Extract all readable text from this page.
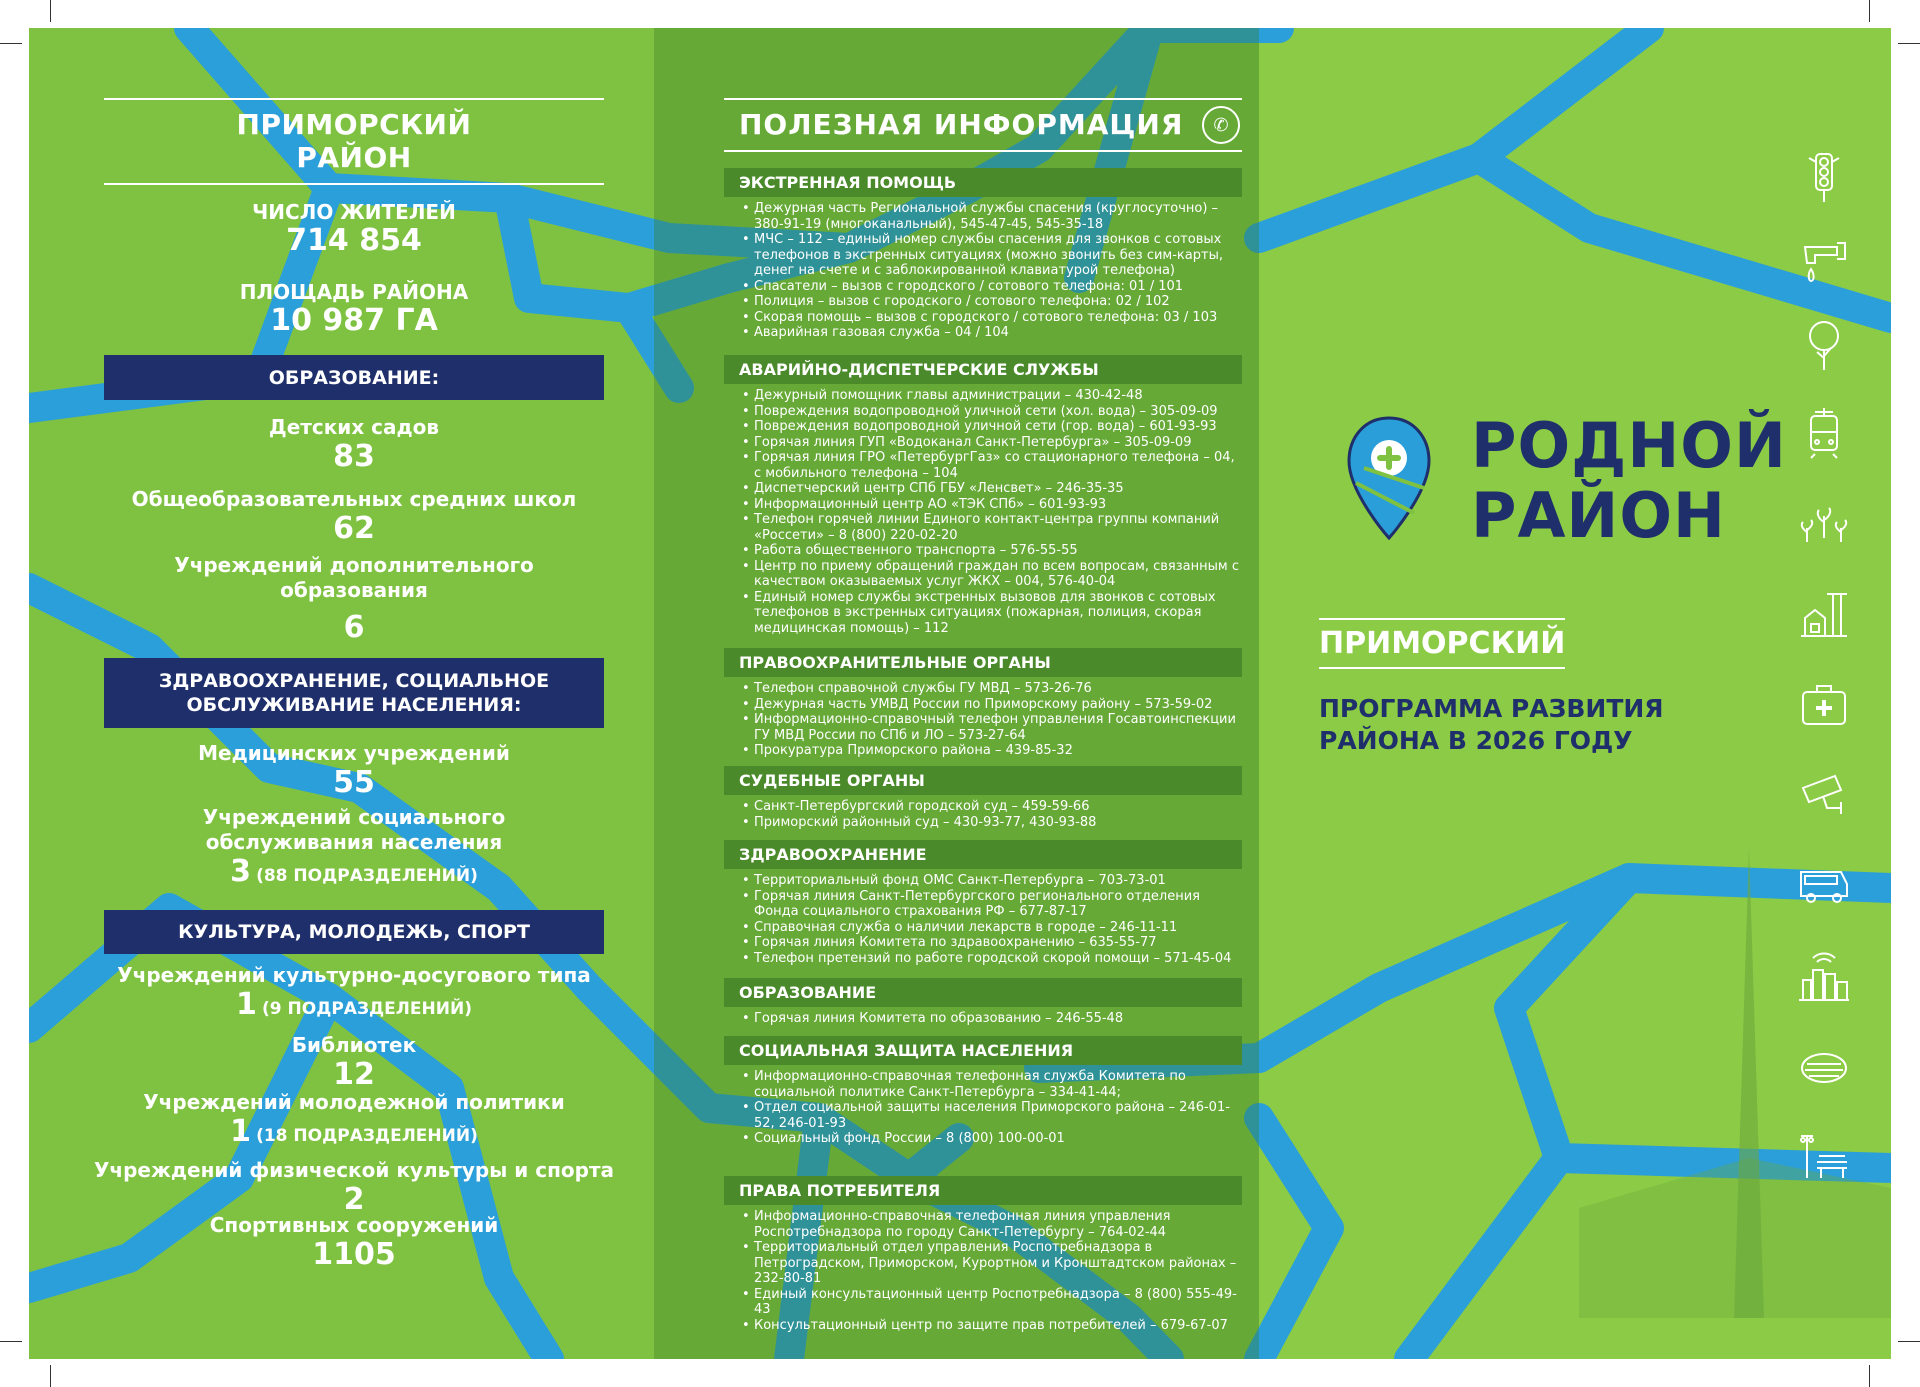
ПРИМОРСКИЙ
РАЙОН
ЧИСЛО ЖИТЕЛЕЙ
714 854
ПЛОЩАДЬ РАЙОНА
10 987 ГА
ОБРАЗОВАНИЕ:
Детских садов
83
Общеобразовательных средних школ
62
Учреждений дополнительного образования
6
ЗДРАВООХРАНЕНИЕ, СОЦИАЛЬНОЕ ОБСЛУЖИВАНИЕ НАСЕЛЕНИЯ:
Медицинских учреждений
55
Учреждений социального обслуживания населения
3 (88 ПОДРАЗДЕЛЕНИЙ)
КУЛЬТУРА, МОЛОДЕЖЬ, СПОРТ
Учреждений культурно-досугового типа
1 (9 ПОДРАЗДЕЛЕНИЙ)
Библиотек
12
Учреждений молодежной политики
1 (18 ПОДРАЗДЕЛЕНИЙ)
Учреждений физической культуры и спорта
2
Спортивных сооружений
1105
ПОЛЕЗНАЯ ИНФОРМАЦИЯ	✆
ЭКСТРЕННАЯ ПОМОЩЬ
• Дежурная часть Региональной службы спасения (круглосуточно) – 380-91-19 (многоканальный), 545-47-45, 545-35-18
• МЧС – 112 – единый номер службы спасения для звонков с сотовых телефонов в экстренных ситуациях (можно звонить без сим-карты, денег на счете и с заблокированной клавиатурой телефона)
• Спасатели – вызов с городского / сотового телефона: 01 / 101
• Полиция – вызов с городского / сотового телефона: 02 / 102
• Скорая помощь – вызов с городского / сотового телефона: 03 / 103
• Аварийная газовая служба – 04 / 104
АВАРИЙНО-ДИСПЕТЧЕРСКИЕ СЛУЖБЫ
• Дежурный помощник главы администрации – 430-42-48
• Повреждения водопроводной уличной сети (хол. вода) – 305-09-09
• Повреждения водопроводной уличной сети (гор. вода) – 601-93-93
• Горячая линия ГУП «Водоканал Санкт-Петербурга» – 305-09-09
• Горячая линия ГРО «ПетербургГаз» со стационарного телефона – 04, с мобильного телефона – 104
• Диспетчерский центр СПб ГБУ «Ленсвет» – 246-35-35
• Информационный центр АО «ТЭК СПб» – 601-93-93
• Телефон горячей линии Единого контакт-центра группы компаний «Россети» – 8 (800) 220-02-20
• Работа общественного транспорта – 576-55-55
• Центр по приему обращений граждан по всем вопросам, связанным с качеством оказываемых услуг ЖКХ – 004, 576-40-04
• Единый номер службы экстренных вызовов для звонков с сотовых телефонов в экстренных ситуациях (пожарная, полиция, скорая медицинская помощь) – 112
ПРАВООХРАНИТЕЛЬНЫЕ ОРГАНЫ
• Телефон справочной службы ГУ МВД – 573-26-76
• Дежурная часть УМВД России по Приморскому району – 573-59-02
• Информационно-справочный телефон управления Госавтоинспекции ГУ МВД России по СПб и ЛО – 573-27-64
• Прокуратура Приморского района – 439-85-32
СУДЕБНЫЕ ОРГАНЫ
• Санкт-Петербургский городской суд – 459-59-66
• Приморский районный суд – 430-93-77, 430-93-88
ЗДРАВООХРАНЕНИЕ
• Территориальный фонд ОМС Санкт-Петербурга – 703-73-01
• Горячая линия Санкт-Петербургского регионального отделения Фонда социального страхования РФ – 677-87-17
• Справочная служба о наличии лекарств в городе – 246-11-11
• Горячая линия Комитета по здравоохранению – 635-55-77
• Телефон претензий по работе городской скорой помощи – 571-45-04
ОБРАЗОВАНИЕ
• Горячая линия Комитета по образованию – 246-55-48
СОЦИАЛЬНАЯ ЗАЩИТА НАСЕЛЕНИЯ
• Информационно-справочная телефонная служба Комитета по социальной политике Санкт-Петербурга – 334-41-44;
• Отдел социальной защиты населения Приморского района – 246-01-52, 246-01-93
• Социальный фонд России – 8 (800) 100-00-01
ПРАВА ПОТРЕБИТЕЛЯ
• Информационно-справочная телефонная линия управления Роспотребнадзора по городу Санкт-Петербургу – 764-02-44
• Территориальный отдел управления Роспотребнадзора в Петроградском, Приморском, Курортном и Кронштадтском районах – 232-80-81
• Единый консультационный центр Роспотребнадзора – 8 (800) 555-49-43
• Консультационный центр по защите прав потребителей – 679-67-07
РОДНОЙ
РАЙОН
ПРИМОРСКИЙ
ПРОГРАММА РАЗВИТИЯ РАЙОНА В 2026 ГОДУ
